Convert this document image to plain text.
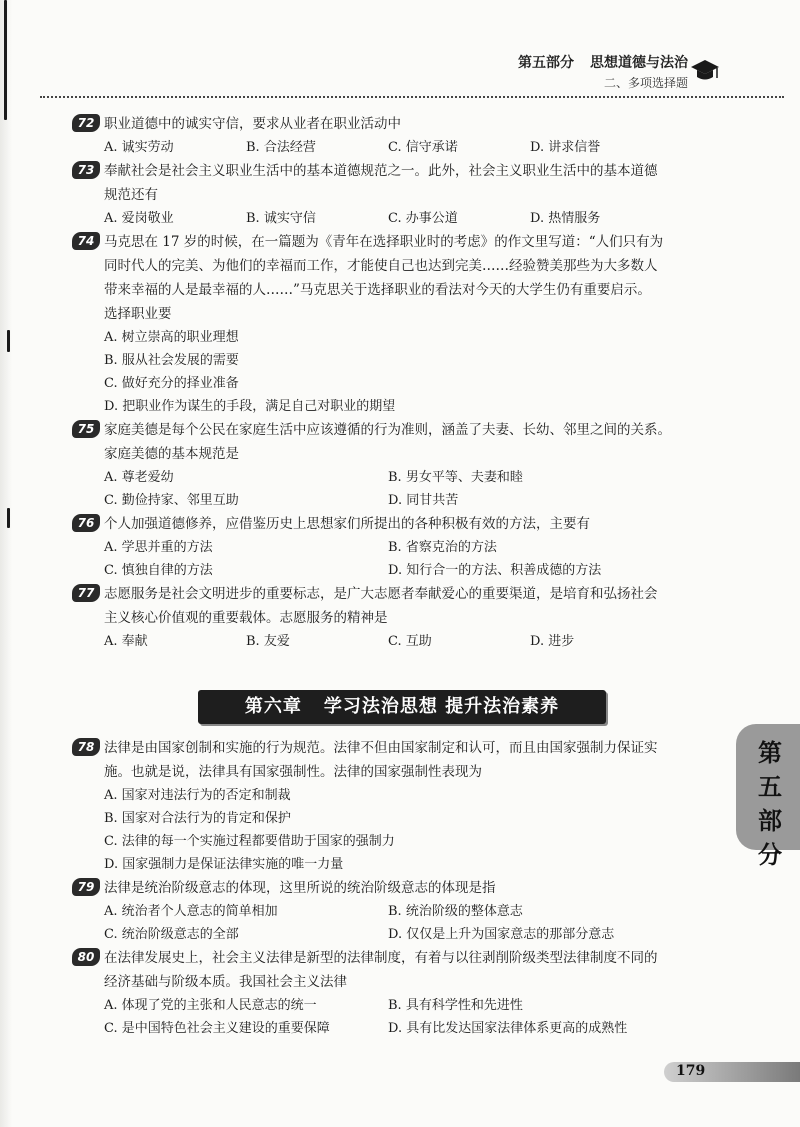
第五部分 思想道德与法治
二、多项选择题
72 职业道德中的诚实守信，要求从业者在职业活动中

A. 诚实劳动	B. 合法经营	C. 信守承诺	D. 讲求信誉
73 奉献社会是社会主义职业生活中的基本道德规范之一。此外，社会主义职业生活中的基本道德
规范还有

A. 爱岗敬业	B. 诚实守信	C. 办事公道	D. 热情服务
74 马克思在 17 岁的时候，在一篇题为《青年在选择职业时的考虑》的作文里写道：“人们只有为
同时代人的完美、为他们的幸福而工作，才能使自己也达到完美……经验赞美那些为大多数人
带来幸福的人是最幸福的人……”马克思关于选择职业的看法对今天的大学生仍有重要启示。
选择职业要

A. 树立崇高的职业理想
B. 服从社会发展的需要
C. 做好充分的择业准备
D. 把职业作为谋生的手段，满足自己对职业的期望
75 家庭美德是每个公民在家庭生活中应该遵循的行为准则，涵盖了夫妻、长幼、邻里之间的关系。
家庭美德的基本规范是

A. 尊老爱幼	B. 男女平等、夫妻和睦
C. 勤俭持家、邻里互助	D. 同甘共苦
76 个人加强道德修养，应借鉴历史上思想家们所提出的各种积极有效的方法，主要有

A. 学思并重的方法	B. 省察克治的方法
C. 慎独自律的方法	D. 知行合一的方法、积善成德的方法
77 志愿服务是社会文明进步的重要标志，是广大志愿者奉献爱心的重要渠道，是培育和弘扬社会
主义核心价值观的重要载体。志愿服务的精神是

A. 奉献	B. 友爱	C. 互助	D. 进步
第六章 学习法治思想 提升法治素养
78 法律是由国家创制和实施的行为规范。法律不但由国家制定和认可，而且由国家强制力保证实
施。也就是说，法律具有国家强制性。法律的国家强制性表现为

A. 国家对违法行为的否定和制裁
B. 国家对合法行为的肯定和保护
C. 法律的每一个实施过程都要借助于国家的强制力
D. 国家强制力是保证法律实施的唯一力量
79 法律是统治阶级意志的体现，这里所说的统治阶级意志的体现是指

A. 统治者个人意志的简单相加	B. 统治阶级的整体意志
C. 统治阶级意志的全部	D. 仅仅是上升为国家意志的那部分意志
80 在法律发展史上，社会主义法律是新型的法律制度，有着与以往剥削阶级类型法律制度不同的
经济基础与阶级本质。我国社会主义法律

A. 体现了党的主张和人民意志的统一	B. 具有科学性和先进性
C. 是中国特色社会主义建设的重要保障	D. 具有比发达国家法律体系更高的成熟性
第五部分
179
